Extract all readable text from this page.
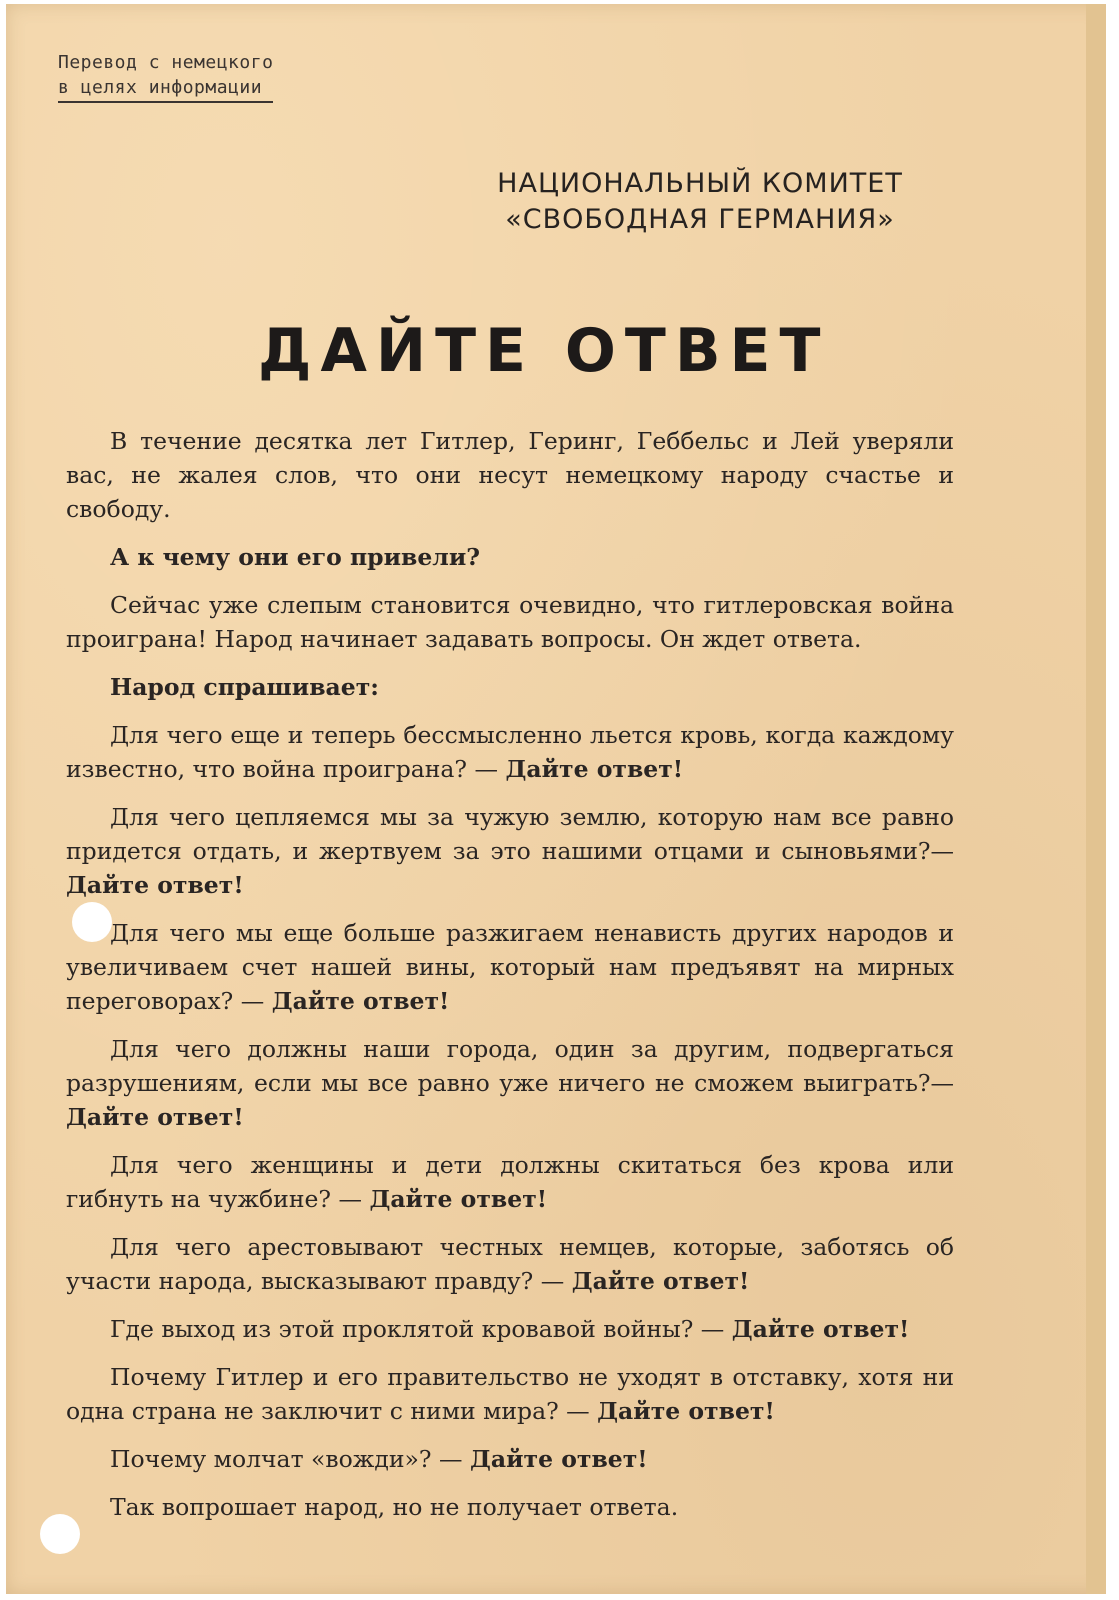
Перевод с немецкого
в целях информации
НАЦИОНАЛЬНЫЙ КОМИТЕТ
«СВОБОДНАЯ ГЕРМАНИЯ»
ДАЙТЕ ОТВЕТ

В течение десятка лет Гитлер, Геринг, Геббельс и Лей уверяли вас, не жалея слов, что они несут немецкому народу счастье и свободу.

А к чему они его привели?

Сейчас уже слепым становится очевидно, что гитлеровская война проиграна! Народ начинает задавать вопросы. Он ждет ответа.

Народ спрашивает:

Для чего еще и теперь бессмысленно льется кровь, когда каждому известно, что война проиграна? — Дайте ответ!

Для чего цепляемся мы за чужую землю, которую нам все равно придется отдать, и жертвуем за это нашими отцами и сыновьями?— Дайте ответ!

Для чего мы еще больше разжигаем ненависть других народов и увеличиваем счет нашей вины, который нам предъявят на мирных переговорах? — Дайте ответ!

Для чего должны наши города, один за другим, подвергаться разрушениям, если мы все равно уже ничего не сможем выиграть?— Дайте ответ!

Для чего женщины и дети должны скитаться без крова или гибнуть на чужбине? — Дайте ответ!

Для чего арестовывают честных немцев, которые, заботясь об участи народа, высказывают правду? — Дайте ответ!

Где выход из этой проклятой кровавой войны? — Дайте ответ!

Почему Гитлер и его правительство не уходят в отставку, хотя ни одна страна не заключит с ними мира? — Дайте ответ!

Почему молчат «вожди»? — Дайте ответ!

Так вопрошает народ, но не получает ответа.
